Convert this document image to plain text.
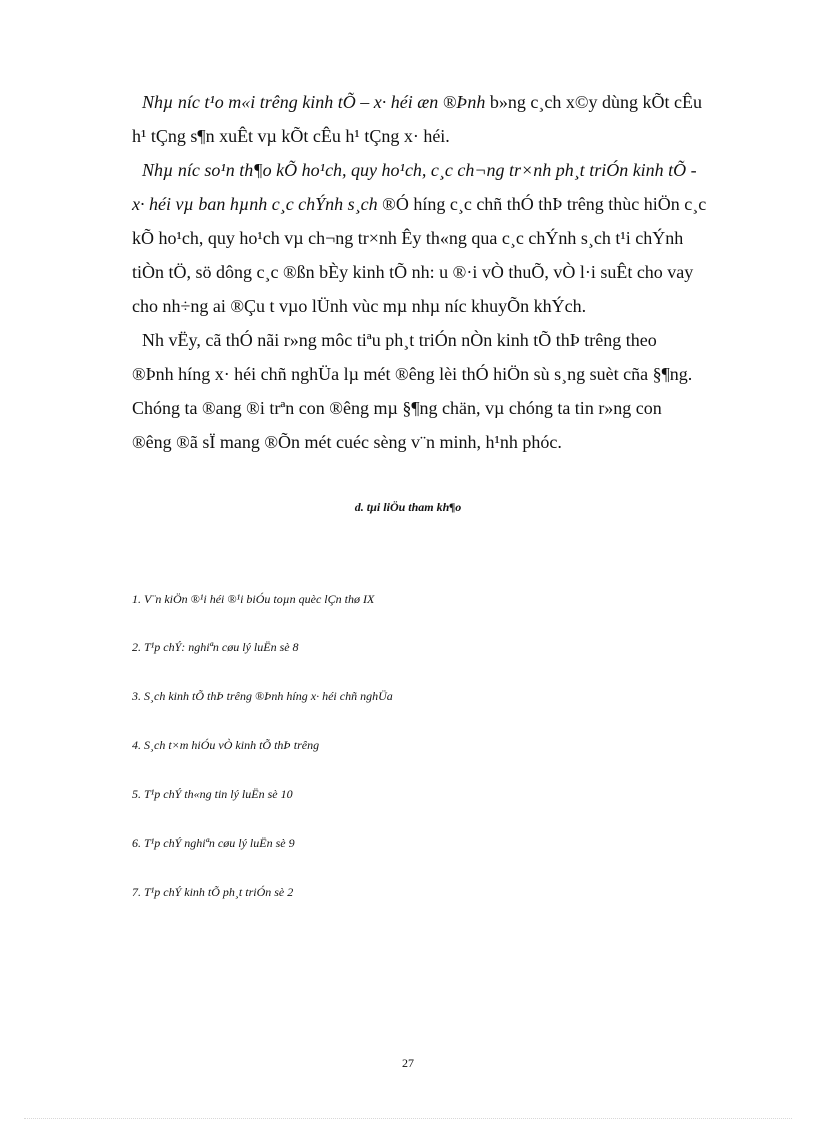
Nhµ níc t¹o m«i trêng kinh tÕ – x· héi æn ®Þnh b»ng c¸ch x©y dùng kÕt cÊu
h¹ tÇng s¶n xuÊt vµ kÕt cÊu h¹ tÇng x· héi.
Nhµ níc so¹n th¶o kÕ ho¹ch, quy ho¹ch, c¸c ch¬ng tr×nh ph¸t triÓn kinh tÕ -
x· héi vµ ban hµnh c¸c chÝnh s¸ch ®Ó híng c¸c chñ thÓ thÞ trêng thùc hiÖn c¸c
kÕ ho¹ch, quy ho¹ch vµ ch¬ng tr×nh Êy th«ng qua c¸c chÝnh s¸ch t¹i chÝnh
tiÒn tÖ, sö dông c¸c ®ßn bÈy kinh tÕ nh: u ®·i vÒ thuÕ, vÒ l·i suÊt cho vay
cho nh÷ng ai ®Çu t vµo lÜnh vùc mµ nhµ níc khuyÕn khÝch.
Nh vËy, cã thÓ nãi r»ng môc tiªu ph¸t triÓn nÒn kinh tÕ thÞ trêng theo
®Þnh híng x· héi chñ nghÜa lµ mét ®êng lèi thÓ hiÖn sù s¸ng suèt cña §¶ng.
Chóng ta ®ang ®i trªn con ®êng mµ §¶ng chän, vµ chóng ta tin r»ng con
®êng ®ã sÏ mang ®Õn mét cuéc sèng v¨n minh, h¹nh phóc.
d. tµi liÖu tham kh¶o
1. V¨n kiÖn ®¹i héi ®¹i biÓu toµn quèc lÇn thø IX
2. T¹p chÝ: nghiªn cøu lý luËn sè 8
3. S¸ch kinh tÕ thÞ trêng ®Þnh híng x· héi chñ nghÜa
4. S¸ch t×m hiÓu vÒ kinh tÕ thÞ trêng
5. T¹p chÝ th«ng tin lý luËn sè 10
6. T¹p chÝ nghiªn cøu lý luËn sè 9
7. T¹p chÝ kinh tÕ ph¸t triÓn sè 2
27
